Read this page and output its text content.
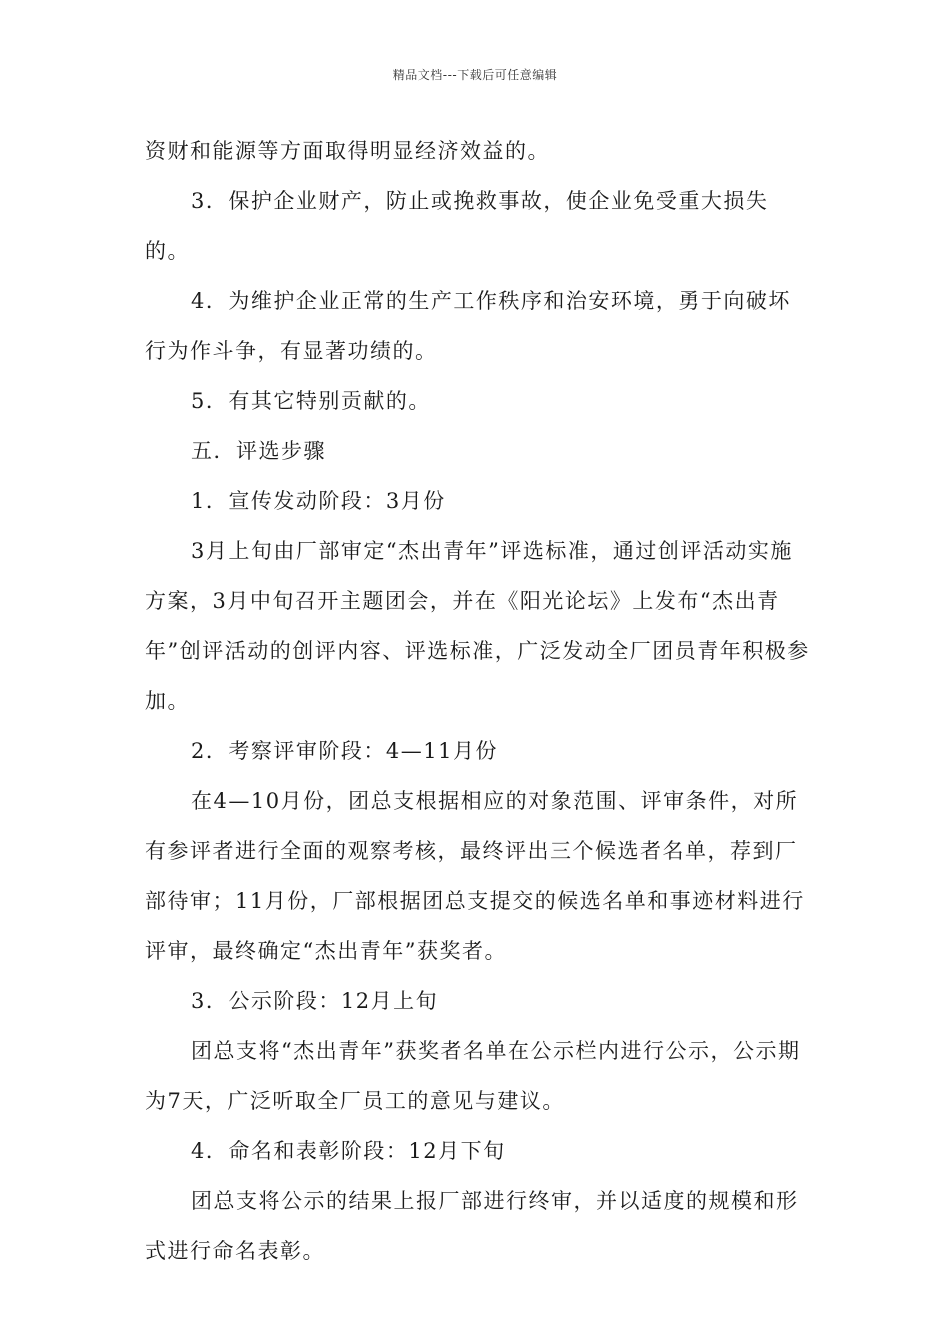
精品文档---下载后可任意编辑

资财和能源等方面取得明显经济效益的。

3．保护企业财产，防止或挽救事故，使企业免受重大损失的。

4．为维护企业正常的生产工作秩序和治安环境，勇于向破坏行为作斗争，有显著功绩的。

5．有其它特别贡献的。

五．评选步骤

1．宣传发动阶段：3月份

3月上旬由厂部审定“杰出青年”评选标准，通过创评活动实施方案，3月中旬召开主题团会，并在《阳光论坛》上发布“杰出青年”创评活动的创评内容、评选标准，广泛发动全厂团员青年积极参加。

2．考察评审阶段：4—11月份

在4—10月份，团总支根据相应的对象范围、评审条件，对所有参评者进行全面的观察考核，最终评出三个候选者名单，荐到厂部待审；11月份，厂部根据团总支提交的候选名单和事迹材料进行评审，最终确定“杰出青年”获奖者。

3．公示阶段：12月上旬

团总支将“杰出青年”获奖者名单在公示栏内进行公示，公示期为7天，广泛听取全厂员工的意见与建议。

4．命名和表彰阶段：12月下旬

团总支将公示的结果上报厂部进行终审，并以适度的规模和形式进行命名表彰。
